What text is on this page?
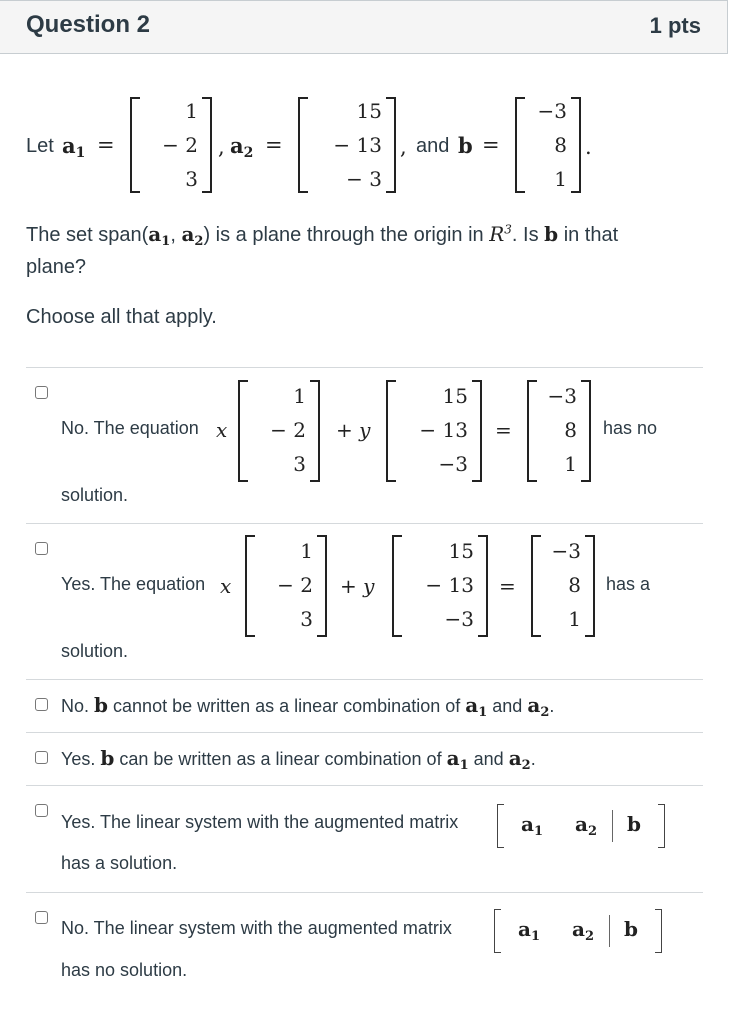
Question 2	1 pts
Let a1 =
1
− 2
3
, a2 =
15
− 13
− 3
, and b =
−3
8
1
.
The set $span(a_1$, $a_2$) is a plane through the origin in $R^3$. Is b in that
plane?
Choose all that apply.
No. The equation x
1
− 2
3
+ y
15
− 13
−3
=
−3
8
1
has no
solution.
Yes. The equation x
1
− 2
3
+ y
15
− 13
−3
=
−3
8
1
has a
solution.
No. b cannot be written as a linear combination of $a_1$ and $a_2$.
Yes. b can be written as a linear combination of $a_1$ and $a_2$.
Yes. The linear system with the augmented matrix	$a_1$ $a_2$ b
has a solution.
No. The linear system with the augmented matrix	$a_1$ $a_2$ b
has no solution.
